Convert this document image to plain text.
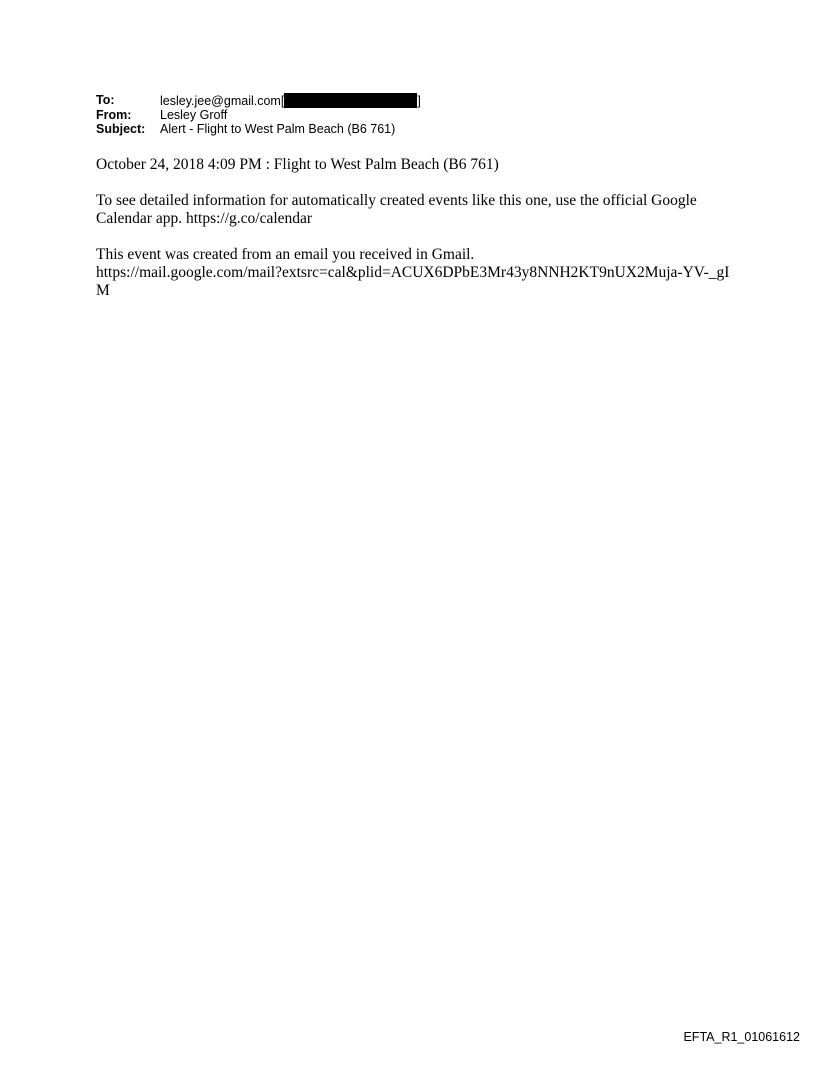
To:	lesley.jee@gmail.com[	]
From:	Lesley Groff
Subject:	Alert - Flight to West Palm Beach (B6 761)

October 24, 2018 4:09 PM : Flight to West Palm Beach (B6 761)

To see detailed information for automatically created events like this one, use the official Google Calendar app. https://g.co/calendar

This event was created from an email you received in Gmail.
https://mail.google.com/mail?extsrc=cal&plid=ACUX6DPbE3Mr43y8NNH2KT9nUX2Muja-YV-_gIM

EFTA_R1_01061612
